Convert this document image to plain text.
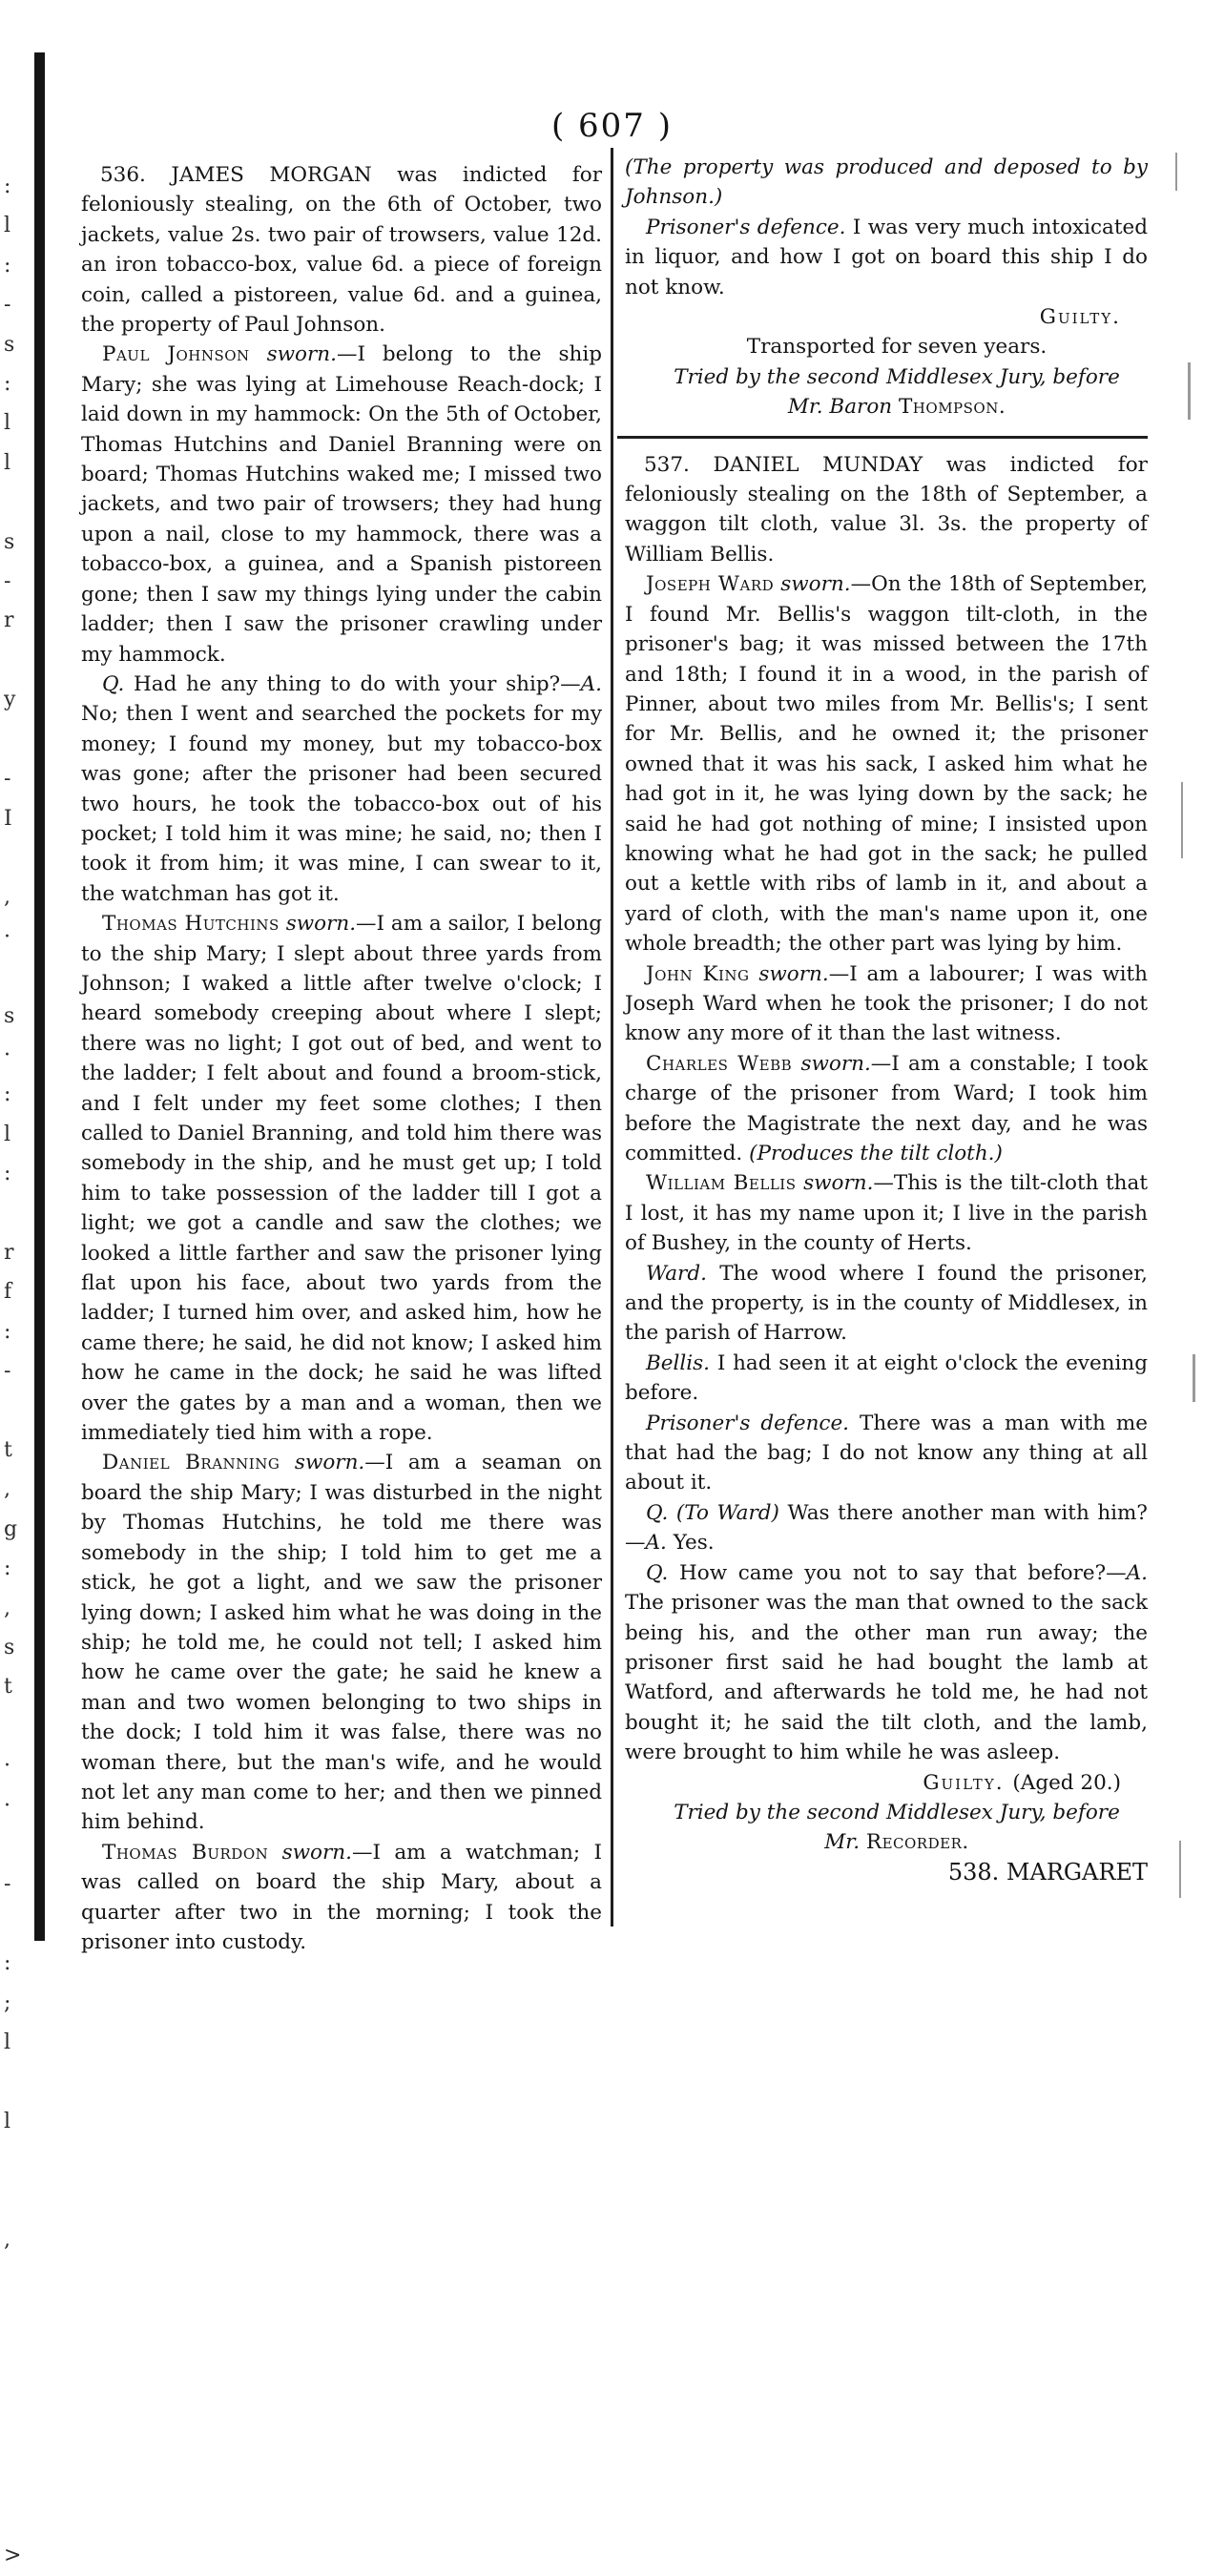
( 607 )
:
l
:
-
s
:
l
l

s
-
r

y

-
I

,
·

s
·
:
l
:

r
f
:
-

t
,
g
:
,
s
t

·
·

-

:
;
l

l

,

>

536. JAMES MORGAN was indicted for feloniously stealing, on the 6th of October, two jackets, value 2s. two pair of trowsers, value 12d. an iron tobacco-box, value 6d. a piece of foreign coin, called a pistoreen, value 6d. and a guinea, the property of Paul Johnson.

Paul Johnson sworn.—I belong to the ship Mary; she was lying at Limehouse Reach-dock; I laid down in my hammock: On the 5th of October, Thomas Hutchins and Daniel Branning were on board; Thomas Hutchins waked me; I missed two jackets, and two pair of trowsers; they had hung upon a nail, close to my hammock, there was a tobacco-box, a guinea, and a Spanish pistoreen gone; then I saw my things lying under the cabin ladder; then I saw the prisoner crawling under my hammock.

Q. Had he any thing to do with your ship?—A. No; then I went and searched the pockets for my money; I found my money, but my tobacco-box was gone; after the prisoner had been secured two hours, he took the tobacco-box out of his pocket; I told him it was mine; he said, no; then I took it from him; it was mine, I can swear to it, the watchman has got it.

Thomas Hutchins sworn.—I am a sailor, I belong to the ship Mary; I slept about three yards from Johnson; I waked a little after twelve o'clock; I heard somebody creeping about where I slept; there was no light; I got out of bed, and went to the ladder; I felt about and found a broom-stick, and I felt under my feet some clothes; I then called to Daniel Branning, and told him there was somebody in the ship, and he must get up; I told him to take possession of the ladder till I got a light; we got a candle and saw the clothes; we looked a little farther and saw the prisoner lying flat upon his face, about two yards from the ladder; I turned him over, and asked him, how he came there; he said, he did not know; I asked him how he came in the dock; he said he was lifted over the gates by a man and a woman, then we immediately tied him with a rope.

Daniel Branning sworn.—I am a seaman on board the ship Mary; I was disturbed in the night by Thomas Hutchins, he told me there was somebody in the ship; I told him to get me a stick, he got a light, and we saw the prisoner lying down; I asked him what he was doing in the ship; he told me, he could not tell; I asked him how he came over the gate; he said he knew a man and two women belonging to two ships in the dock; I told him it was false, there was no woman there, but the man's wife, and he would not let any man come to her; and then we pinned him behind.

Thomas Burdon sworn.—I am a watchman; I was called on board the ship Mary, about a quarter after two in the morning; I took the prisoner into custody.

(The property was produced and deposed to by Johnson.)

Prisoner's defence. I was very much intoxicated in liquor, and how I got on board this ship I do not know.

Guilty.

Transported for seven years.

Tried by the second Middlesex Jury, before

Mr. Baron Thompson.

537. DANIEL MUNDAY was indicted for feloniously stealing on the 18th of September, a waggon tilt cloth, value 3l. 3s. the property of William Bellis.

Joseph Ward sworn.—On the 18th of September, I found Mr. Bellis's waggon tilt-cloth, in the prisoner's bag; it was missed between the 17th and 18th; I found it in a wood, in the parish of Pinner, about two miles from Mr. Bellis's; I sent for Mr. Bellis, and he owned it; the prisoner owned that it was his sack, I asked him what he had got in it, he was lying down by the sack; he said he had got nothing of mine; I insisted upon knowing what he had got in the sack; he pulled out a kettle with ribs of lamb in it, and about a yard of cloth, with the man's name upon it, one whole breadth; the other part was lying by him.

John King sworn.—I am a labourer; I was with Joseph Ward when he took the prisoner; I do not know any more of it than the last witness.

Charles Webb sworn.—I am a constable; I took charge of the prisoner from Ward; I took him before the Magistrate the next day, and he was committed. (Produces the tilt cloth.)

William Bellis sworn.—This is the tilt-cloth that I lost, it has my name upon it; I live in the parish of Bushey, in the county of Herts.

Ward. The wood where I found the prisoner, and the property, is in the county of Middlesex, in the parish of Harrow.

Bellis. I had seen it at eight o'clock the evening before.

Prisoner's defence. There was a man with me that had the bag; I do not know any thing at all about it.

Q. (To Ward) Was there another man with him?—A. Yes.

Q. How came you not to say that before?—A. The prisoner was the man that owned to the sack being his, and the other man run away; the prisoner first said he had bought the lamb at Watford, and afterwards he told me, he had not bought it; he said the tilt cloth, and the lamb, were brought to him while he was asleep.

Guilty. (Aged 20.)

Tried by the second Middlesex Jury, before

Mr. Recorder.

538. MARGARET
